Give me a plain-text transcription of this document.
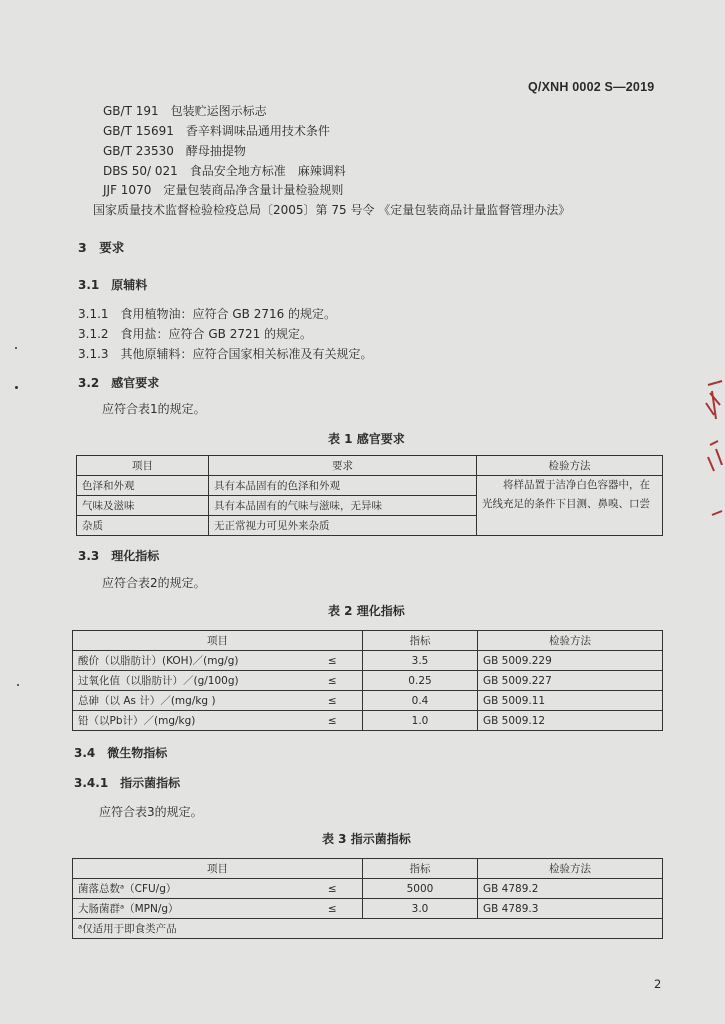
Q/XNH 0002 S—2019
GB/T 191　包装贮运图示标志
GB/T 15691　香辛料调味品通用技术条件
GB/T 23530　酵母抽提物
DBS 50/ 021　食品安全地方标准　麻辣调料
JJF 1070　定量包装商品净含量计量检验规则
国家质量技术监督检验检疫总局〔2005〕第 75 号令 《定量包装商品计量监督管理办法》
3　要求
3.1　原辅料
3.1.1　食用植物油：应符合 GB 2716 的规定。
3.1.2　食用盐：应符合 GB 2721 的规定。
3.1.3　其他原辅料：应符合国家相关标准及有关规定。
3.2　感官要求
应符合表1的规定。
表 1 感官要求
项目	要求	检验方法
色泽和外观	具有本品固有的色泽和外观	将样品置于洁净白色容器中，在光线充足的条件下目测、鼻嗅、口尝
气味及滋味	具有本品固有的气味与滋味，无异味	
杂质	无正常视力可见外来杂质	
3.3　理化指标
应符合表2的规定。
表 2 理化指标
项目		指标	检验方法
酸价（以脂肪计）(KOH)／(mg/g)	≤	3.5	GB 5009.229
过氧化值（以脂肪计）／(g/100g)	≤	0.25	GB 5009.227
总砷（以 As 计）／(mg/kg )	≤	0.4	GB 5009.11
铅（以Pb计）／(mg/kg)	≤	1.0	GB 5009.12
3.4　微生物指标
3.4.1　指示菌指标
应符合表3的规定。
表 3 指示菌指标
项目		指标	检验方法
菌落总数ᵃ（CFU/g）	≤	5000	GB 4789.2
大肠菌群ᵃ（MPN/g）	≤	3.0	GB 4789.3
ᵃ仅适用于即食类产品			
2
